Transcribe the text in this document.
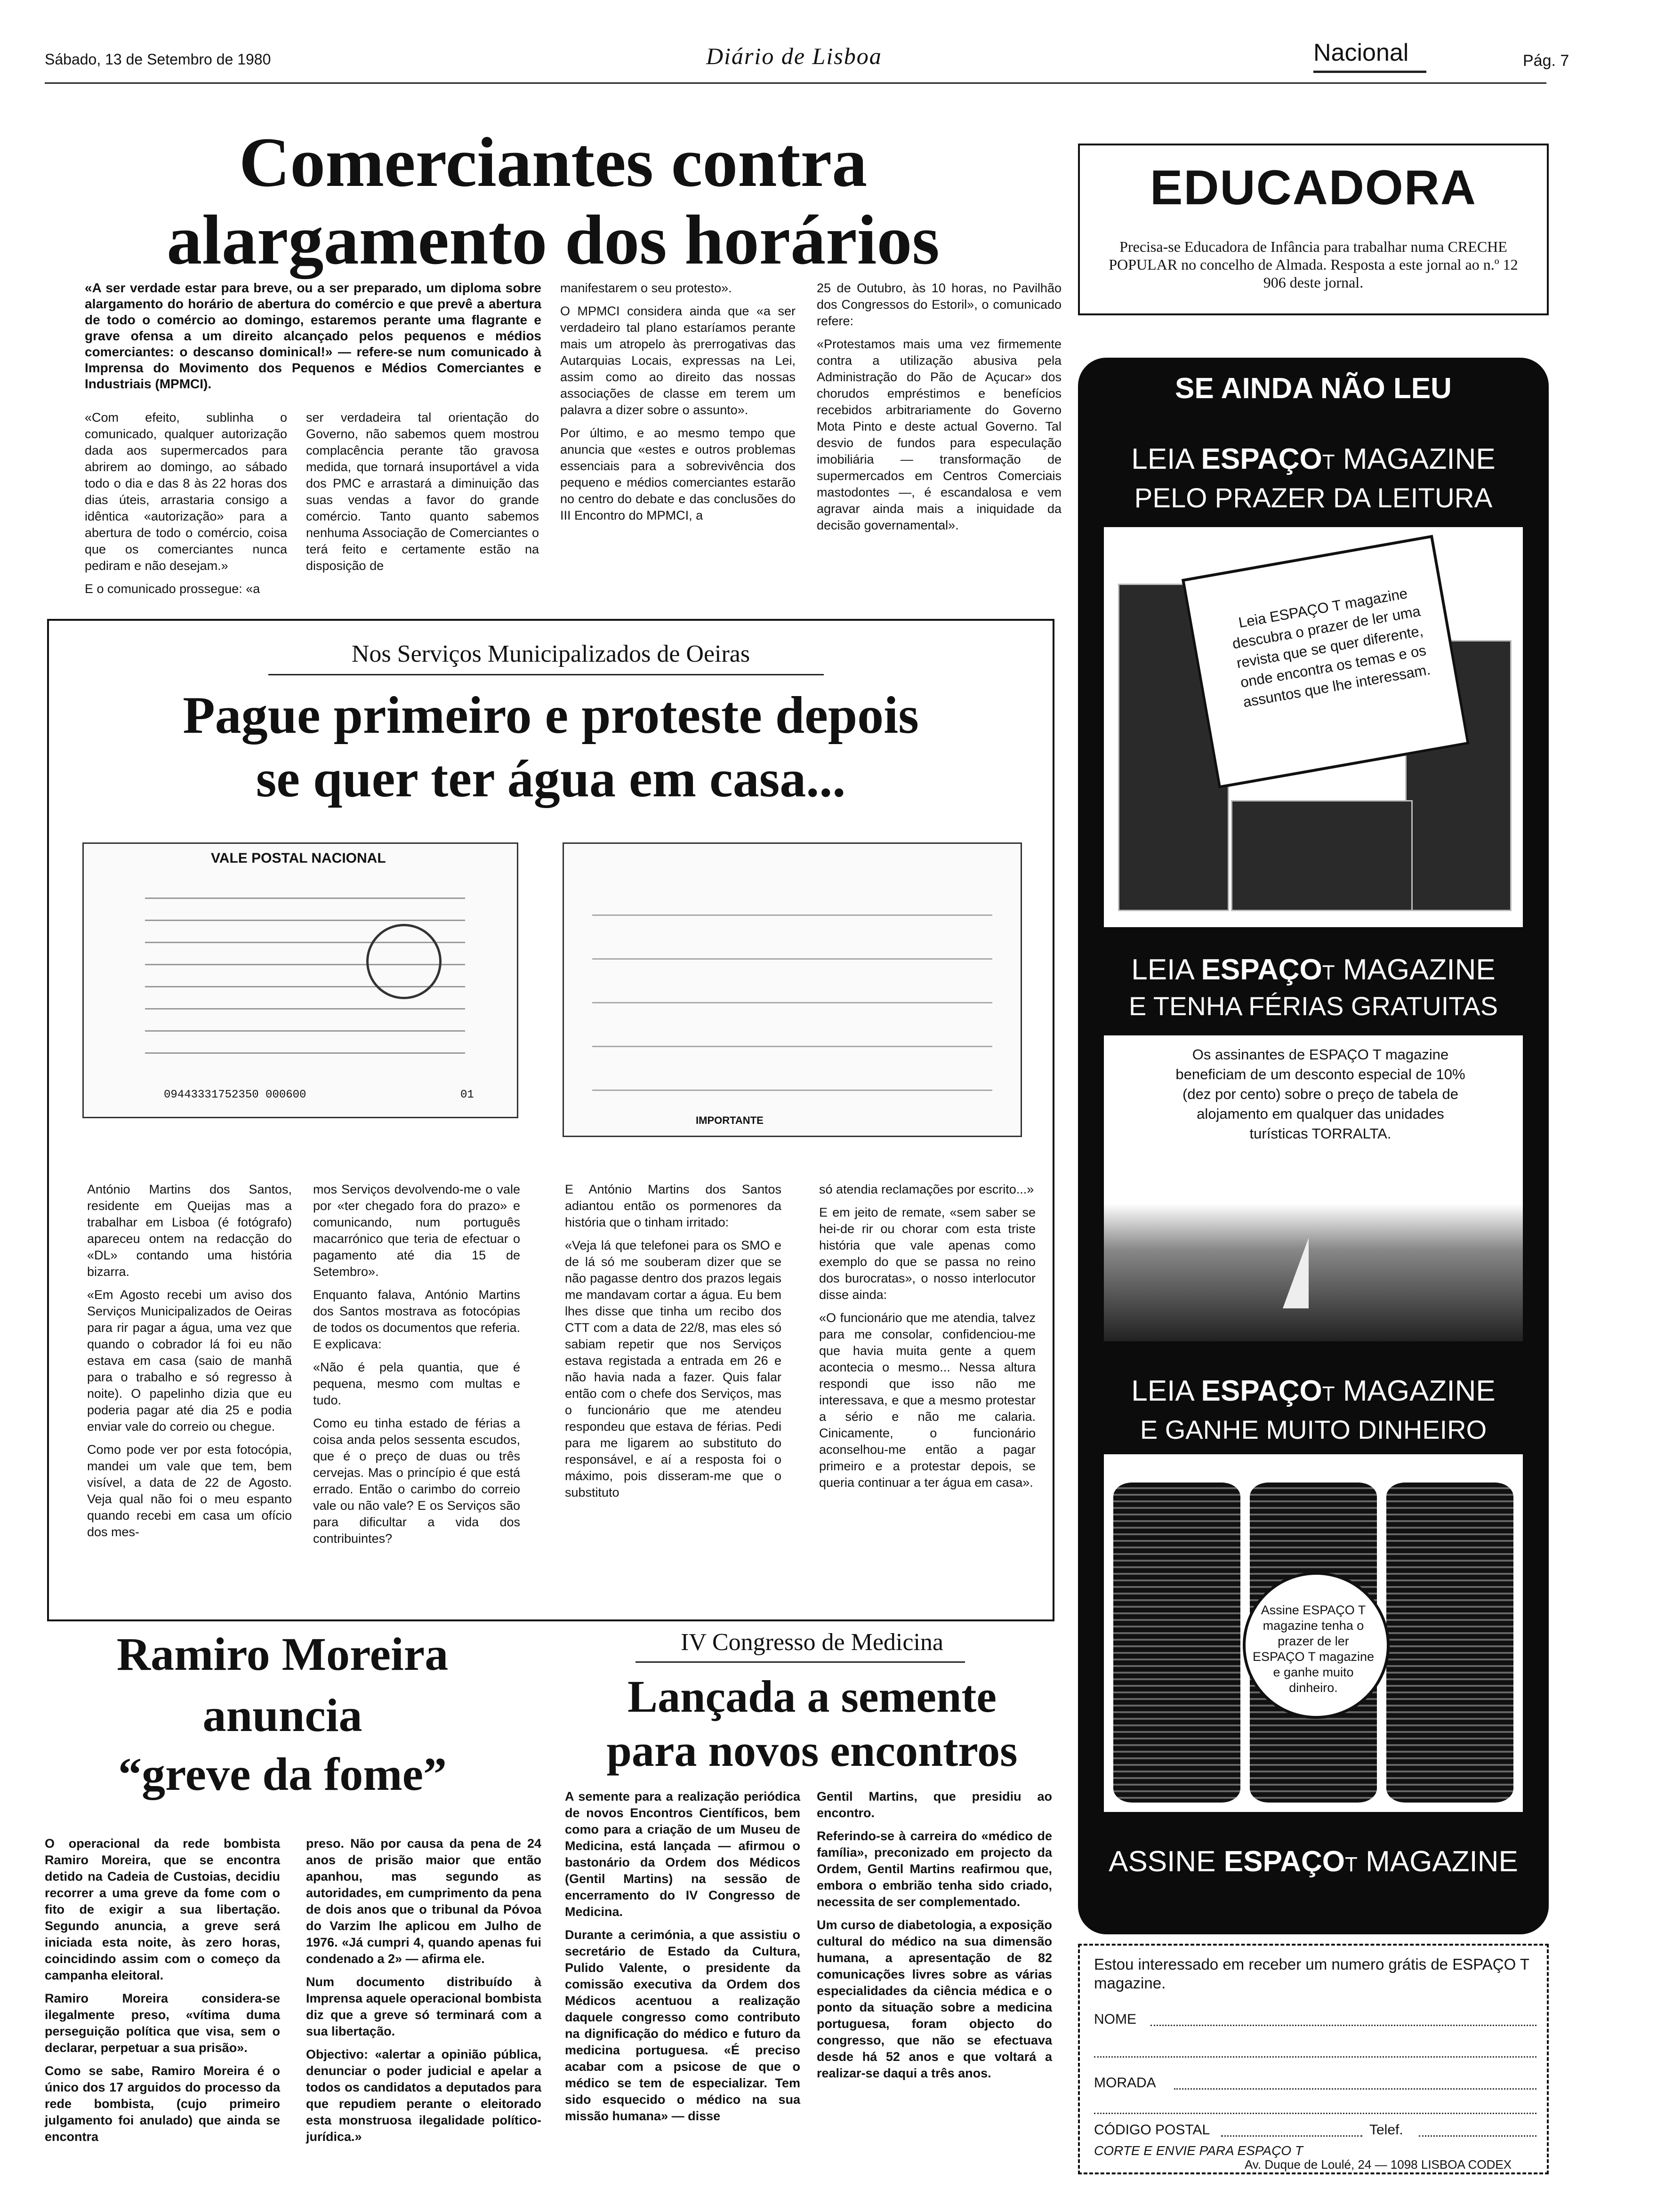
Sábado, 13 de Setembro de 1980	Diário de Lisboa	Nacional	Pág. 7
Comerciantes contra
alargamento dos horários
«A ser verdade estar para breve, ou a ser preparado, um diploma sobre alargamento do horário de abertura do comércio e que prevê a abertura de todo o comércio ao domingo, estaremos perante uma flagrante e grave ofensa a um direito alcançado pelos pequenos e médios comerciantes: o descanso dominical!» — refere-se num comunicado à Imprensa do Movimento dos Pequenos e Médios Comerciantes e Industriais (MPMCI).

«Com efeito, sublinha o comunicado, qualquer autorização dada aos supermercados para abrirem ao domingo, ao sábado todo o dia e das 8 às 22 horas dos dias úteis, arrastaria consigo a idêntica «autorização» para a abertura de todo o comércio, coisa que os comerciantes nunca pediram e não desejam.»

E o comunicado prossegue: «a

ser verdadeira tal orientação do Governo, não sabemos quem mostrou complacência perante tão gravosa medida, que tornará insuportável a vida dos PMC e arrastará a diminuição das suas vendas a favor do grande comércio. Tanto quanto sabemos nenhuma Associação de Comerciantes o terá feito e certamente estão na disposição de

manifestarem o seu protesto».

O MPMCI considera ainda que «a ser verdadeiro tal plano estaríamos perante mais um atropelo às prerrogativas das Autarquias Locais, expressas na Lei, assim como ao direito das nossas associações de classe em terem um palavra a dizer sobre o assunto».

Por último, e ao mesmo tempo que anuncia que «estes e outros problemas essenciais para a sobrevivência dos pequeno e médios comerciantes estarão no centro do debate e das conclusões do III Encontro do MPMCI, a

25 de Outubro, às 10 horas, no Pavilhão dos Congressos do Estoril», o comunicado refere:

«Protestamos mais uma vez firmemente contra a utilização abusiva pela Administração do Pão de Açucar» dos chorudos empréstimos e benefícios recebidos arbitrariamente do Governo Mota Pinto e deste actual Governo. Tal desvio de fundos para especulação imobiliária — transformação de supermercados em Centros Comerciais mastodontes —, é escandalosa e vem agravar ainda mais a iniquidade da decisão governamental».

Nos Serviços Municipalizados de Oeiras
Pague primeiro e proteste depois
se quer ter água em casa...
VALE POSTAL NACIONAL
09443331752350 000600	01
IMPORTANTE

António Martins dos Santos, residente em Queijas mas a trabalhar em Lisboa (é fotógrafo) apareceu ontem na redacção do «DL» contando uma história bizarra.

«Em Agosto recebi um aviso dos Serviços Municipalizados de Oeiras para rir pagar a água, uma vez que quando o cobrador lá foi eu não estava em casa (saio de manhã para o trabalho e só regresso à noite). O papelinho dizia que eu poderia pagar até dia 25 e podia enviar vale do correio ou chegue.

Como pode ver por esta fotocópia, mandei um vale que tem, bem visível, a data de 22 de Agosto. Veja qual não foi o meu espanto quando recebi em casa um ofício dos mes-

mos Serviços devolvendo-me o vale por «ter chegado fora do prazo» e comunicando, num português macarrónico que teria de efectuar o pagamento até dia 15 de Setembro».

Enquanto falava, António Martins dos Santos mostrava as fotocópias de todos os documentos que referia. E explicava:

«Não é pela quantia, que é pequena, mesmo com multas e tudo.

Como eu tinha estado de férias a coisa anda pelos sessenta escudos, que é o preço de duas ou três cervejas. Mas o princípio é que está errado. Então o carimbo do correio vale ou não vale? E os Serviços são para dificultar a vida dos contribuintes?

E António Martins dos Santos adiantou então os pormenores da história que o tinham irritado:

«Veja lá que telefonei para os SMO e de lá só me souberam dizer que se não pagasse dentro dos prazos legais me mandavam cortar a água. Eu bem lhes disse que tinha um recibo dos CTT com a data de 22/8, mas eles só sabiam repetir que nos Serviços estava registada a entrada em 26 e não havia nada a fazer. Quis falar então com o chefe dos Serviços, mas o funcionário que me atendeu respondeu que estava de férias. Pedi para me ligarem ao substituto do responsável, e aí a resposta foi o máximo, pois disseram-me que o substituto

só atendia reclamações por escrito...»

E em jeito de remate, «sem saber se hei-de rir ou chorar com esta triste história que vale apenas como exemplo do que se passa no reino dos burocratas», o nosso interlocutor disse ainda:

«O funcionário que me atendia, talvez para me consolar, confidenciou-me que havia muita gente a quem acontecia o mesmo... Nessa altura respondi que isso não me interessava, e que a mesmo protestar a sério e não me calaria. Cinicamente, o funcionário aconselhou-me então a pagar primeiro e a protestar depois, se queria continuar a ter água em casa».

Ramiro Moreira
anuncia
“greve da fome”

O operacional da rede bombista Ramiro Moreira, que se encontra detido na Cadeia de Custoias, decidiu recorrer a uma greve da fome com o fito de exigir a sua libertação. Segundo anuncia, a greve será iniciada esta noite, às zero horas, coincidindo assim com o começo da campanha eleitoral.

Ramiro Moreira considera-se ilegalmente preso, «vítima duma perseguição política que visa, sem o declarar, perpetuar a sua prisão».

Como se sabe, Ramiro Moreira é o único dos 17 arguidos do processo da rede bombista, (cujo primeiro julgamento foi anulado) que ainda se encontra

preso. Não por causa da pena de 24 anos de prisão maior que então apanhou, mas segundo as autoridades, em cumprimento da pena de dois anos que o tribunal da Póvoa do Varzim lhe aplicou em Julho de 1976. «Já cumpri 4, quando apenas fui condenado a 2» — afirma ele.

Num documento distribuído à Imprensa aquele operacional bombista diz que a greve só terminará com a sua libertação.

Objectivo: «alertar a opinião pública, denunciar o poder judicial e apelar a todos os candidatos a deputados para que repudiem perante o eleitorado esta monstruosa ilegalidade político-jurídica.»

IV Congresso de Medicina
Lançada a semente
para novos encontros

A semente para a realização periódica de novos Encontros Científicos, bem como para a criação de um Museu de Medicina, está lançada — afirmou o bastonário da Ordem dos Médicos (Gentil Martins) na sessão de encerramento do IV Congresso de Medicina.

Durante a cerimónia, a que assistiu o secretário de Estado da Cultura, Pulido Valente, o presidente da comissão executiva da Ordem dos Médicos acentuou a realização daquele congresso como contributo na dignificação do médico e futuro da medicina portuguesa. «É preciso acabar com a psicose de que o médico se tem de especializar. Tem sido esquecido o médico na sua missão humana» — disse

Gentil Martins, que presidiu ao encontro.

Referindo-se à carreira do «médico de família», preconizado em projecto da Ordem, Gentil Martins reafirmou que, embora o embrião tenha sido criado, necessita de ser complementado.

Um curso de diabetologia, a exposição cultural do médico na sua dimensão humana, a apresentação de 82 comunicações livres sobre as várias especialidades da ciência médica e o ponto da situação sobre a medicina portuguesa, foram objecto do congresso, que não se efectuava desde há 52 anos e que voltará a realizar-se daqui a três anos.

EDUCADORA
Precisa-se Educadora de Infância para trabalhar numa CRECHE POPULAR no concelho de Almada. Resposta a este jornal ao n.º 12 906 deste jornal.
SE AINDA NÃO LEU
LEIA ESPAÇOT MAGAZINE
PELO PRAZER DA LEITURA
Leia ESPAÇO T magazine descubra o prazer de ler uma revista que se quer diferente, onde encontra os temas e os assuntos que lhe interessam.
LEIA ESPAÇOT MAGAZINE
E TENHA FÉRIAS GRATUITAS
Os assinantes de ESPAÇO T magazine beneficiam de um desconto especial de 10% (dez por cento) sobre o preço de tabela de alojamento em qualquer das unidades turísticas TORRALTA.
LEIA ESPAÇOT MAGAZINE
E GANHE MUITO DINHEIRO
Assine ESPAÇO T magazine tenha o prazer de ler ESPAÇO T magazine e ganhe muito dinheiro.
ASSINE ESPAÇOT MAGAZINE
Estou interessado em receber um numero grátis de ESPAÇO T magazine.
NOME
MORADA
CÓDIGO POSTAL	Telef.
CORTE E ENVIE PARA ESPAÇO T
Av. Duque de Loulé, 24 — 1098 LISBOA CODEX
